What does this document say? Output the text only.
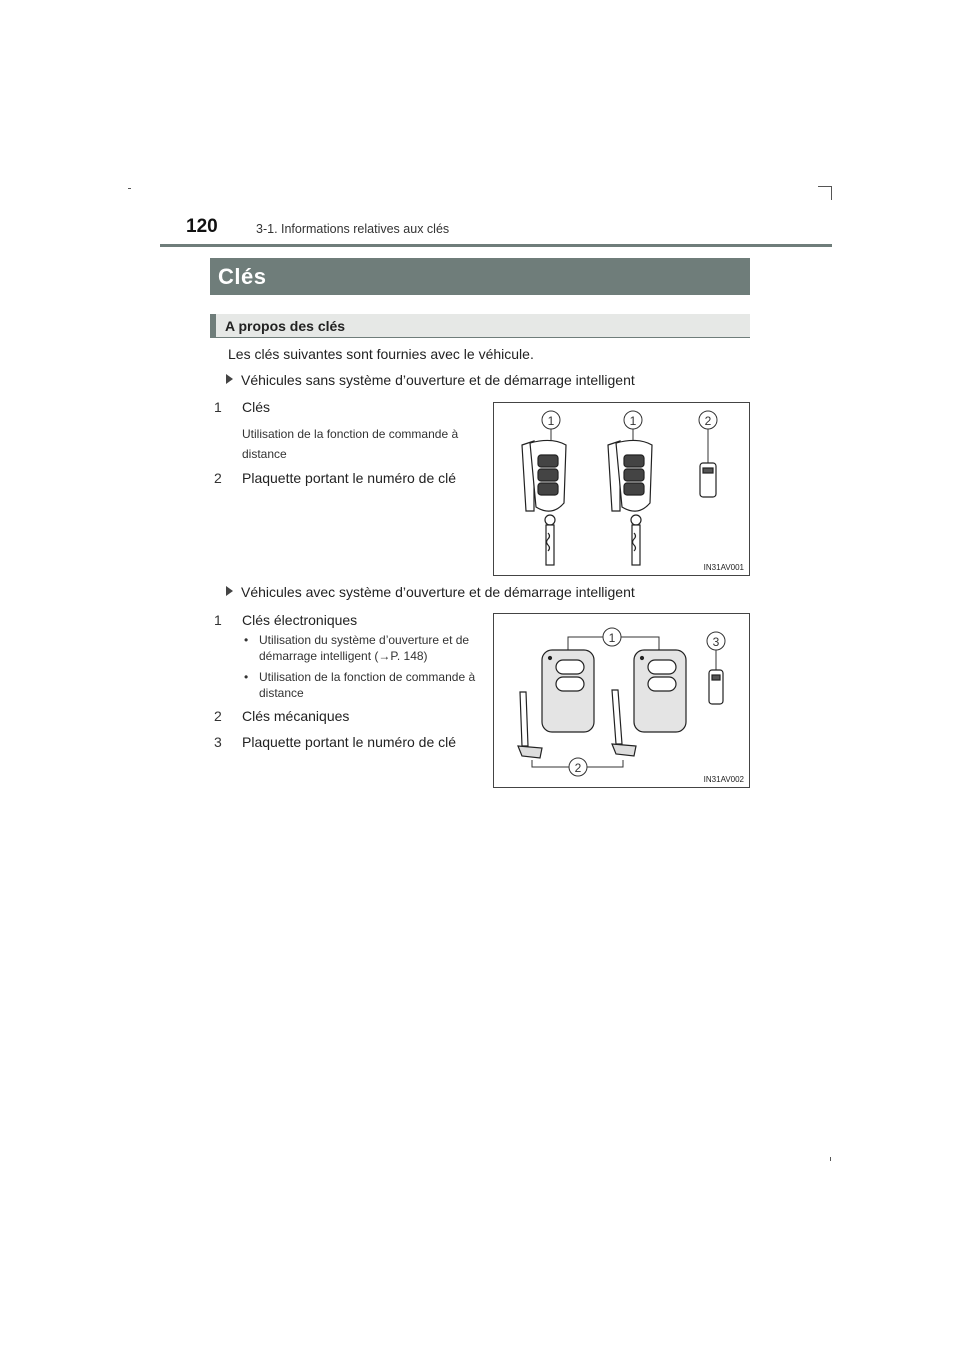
120	3-1. Informations relatives aux clés
Clés
A propos des clés
Les clés suivantes sont fournies avec le véhicule.
Véhicules sans système d’ouverture et de démarrage intelligent
1 Clés
Utilisation de la fonction de commande à distance
2 Plaquette portant le numéro de clé
1	1	2
IN31AV001
Véhicules avec système d’ouverture et de démarrage intelligent
1 Clés électroniques
• Utilisation du système d’ouverture et de démarrage intelligent (→P. 148)
• Utilisation de la fonction de commande à distance
2 Clés mécaniques
3 Plaquette portant le numéro de clé
1
2
3
IN31AV002
